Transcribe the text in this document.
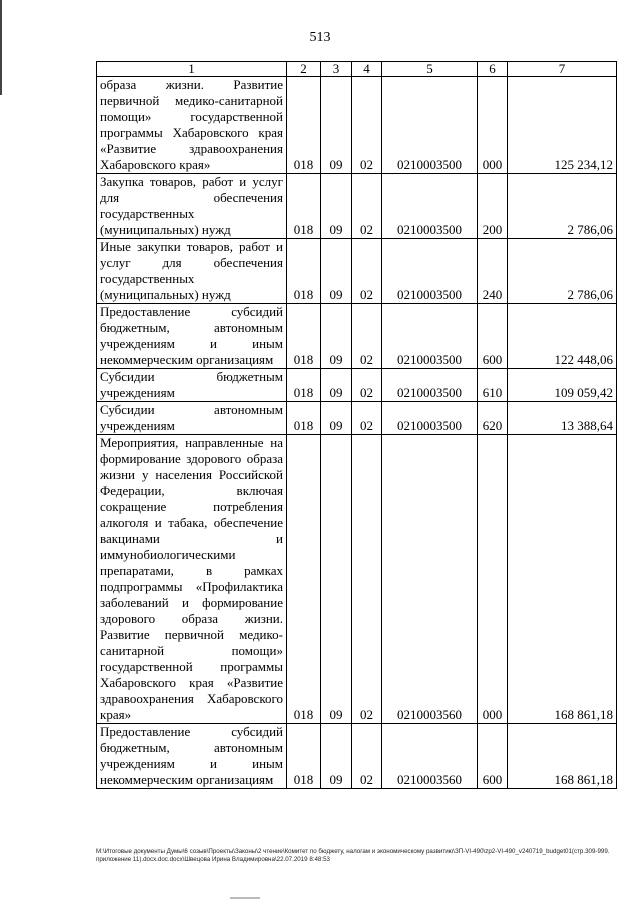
513
1	2	3	4	5	6	7
образа жизни. Развитие первичной медико-санитарной помощи» государственной программы Хабаровского края «Развитие здравоохранения Хабаровского края»	018	09	02	0210003500	000	125 234,12
Закупка товаров, работ и услуг для обеспечения государственных (муниципальных) нужд	018	09	02	0210003500	200	2 786,06
Иные закупки товаров, работ и услуг для обеспечения государственных (муниципальных) нужд	018	09	02	0210003500	240	2 786,06
Предоставление субсидий бюджетным, автономным учреждениям и иным некоммерческим организациям	018	09	02	0210003500	600	122 448,06
Субсидии бюджетным учреждениям	018	09	02	0210003500	610	109 059,42
Субсидии автономным учреждениям	018	09	02	0210003500	620	13 388,64
Мероприятия, направленные на формирование здорового образа жизни у населения Российской Федерации, включая сокращение потребления алкоголя и табака, обеспечение вакцинами и иммунобиологическими препаратами, в рамках подпрограммы «Профилактика заболеваний и формирование здорового образа жизни. Развитие первичной медико-санитарной помощи» государственной программы Хабаровского края «Развитие здравоохранения Хабаровского края»	018	09	02	0210003560	000	168 861,18
Предоставление субсидий бюджетным, автономным учреждениям и иным некоммерческим организациям	018	09	02	0210003560	600	168 861,18
M:\Итоговые документы Думы\6 созыв\Проекты\Законы\2 чтение\Комитет по бюджету, налогам и экономическому развитию\ЗП-VI-490\zp2-VI-490_v240719_budget01(стр.309-999. приложение 11).docx.doc.docx\Швецова Ирина Владимировна\22.07.2019 8:48:53
